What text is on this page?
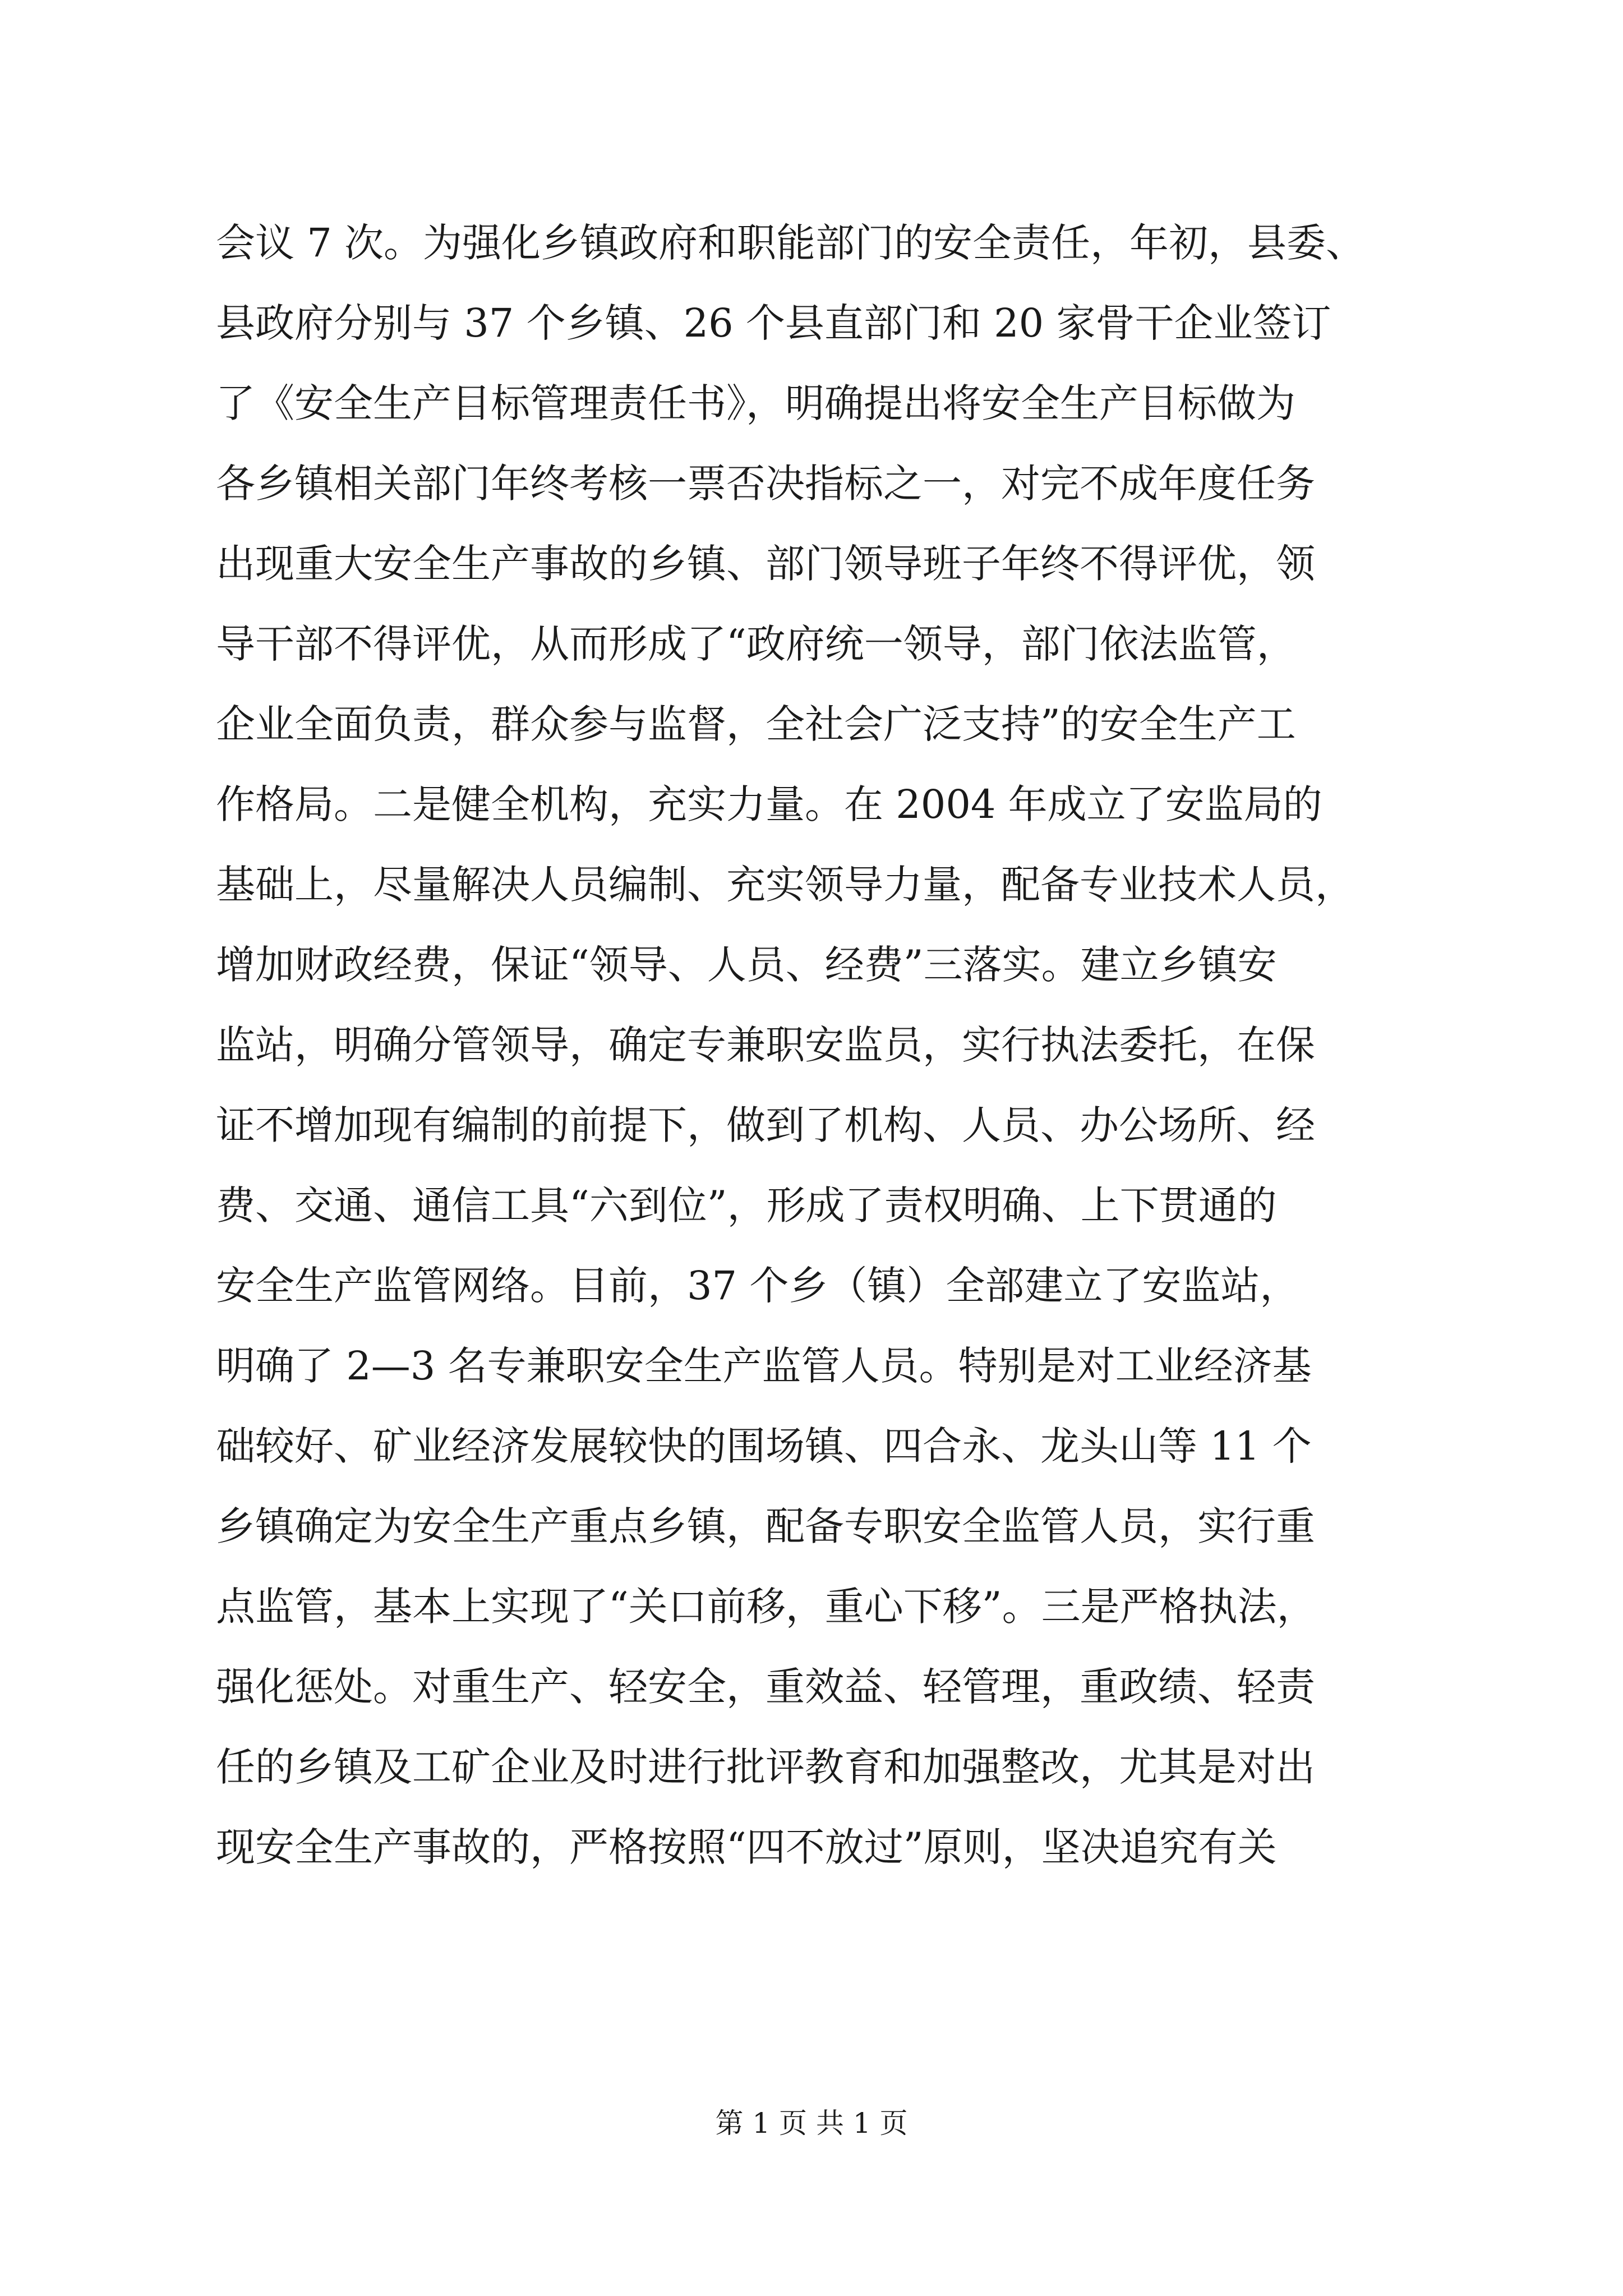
会议 7 次。为强化乡镇政府和职能部门的安全责任，年初，县委、
县政府分别与 37 个乡镇、26 个县直部门和 20 家骨干企业签订
了《安全生产目标管理责任书》，明确提出将安全生产目标做为
各乡镇相关部门年终考核一票否决指标之一，对完不成年度任务
出现重大安全生产事故的乡镇、部门领导班子年终不得评优，领
导干部不得评优，从而形成了“政府统一领导，部门依法监管，
企业全面负责，群众参与监督，全社会广泛支持”的安全生产工
作格局。二是健全机构，充实力量。在 2004 年成立了安监局的
基础上，尽量解决人员编制、充实领导力量，配备专业技术人员，
增加财政经费，保证“领导、人员、经费”三落实。建立乡镇安
监站，明确分管领导，确定专兼职安监员，实行执法委托，在保
证不增加现有编制的前提下，做到了机构、人员、办公场所、经
费、交通、通信工具“六到位”，形成了责权明确、上下贯通的
安全生产监管网络。目前，37 个乡（镇）全部建立了安监站，
明确了 2—3 名专兼职安全生产监管人员。特别是对工业经济基
础较好、矿业经济发展较快的围场镇、四合永、龙头山等 11 个
乡镇确定为安全生产重点乡镇，配备专职安全监管人员，实行重
点监管，基本上实现了“关口前移，重心下移”。三是严格执法，
强化惩处。对重生产、轻安全，重效益、轻管理，重政绩、轻责
任的乡镇及工矿企业及时进行批评教育和加强整改，尤其是对出
现安全生产事故的，严格按照“四不放过”原则，坚决追究有关
第 1 页 共 1 页
